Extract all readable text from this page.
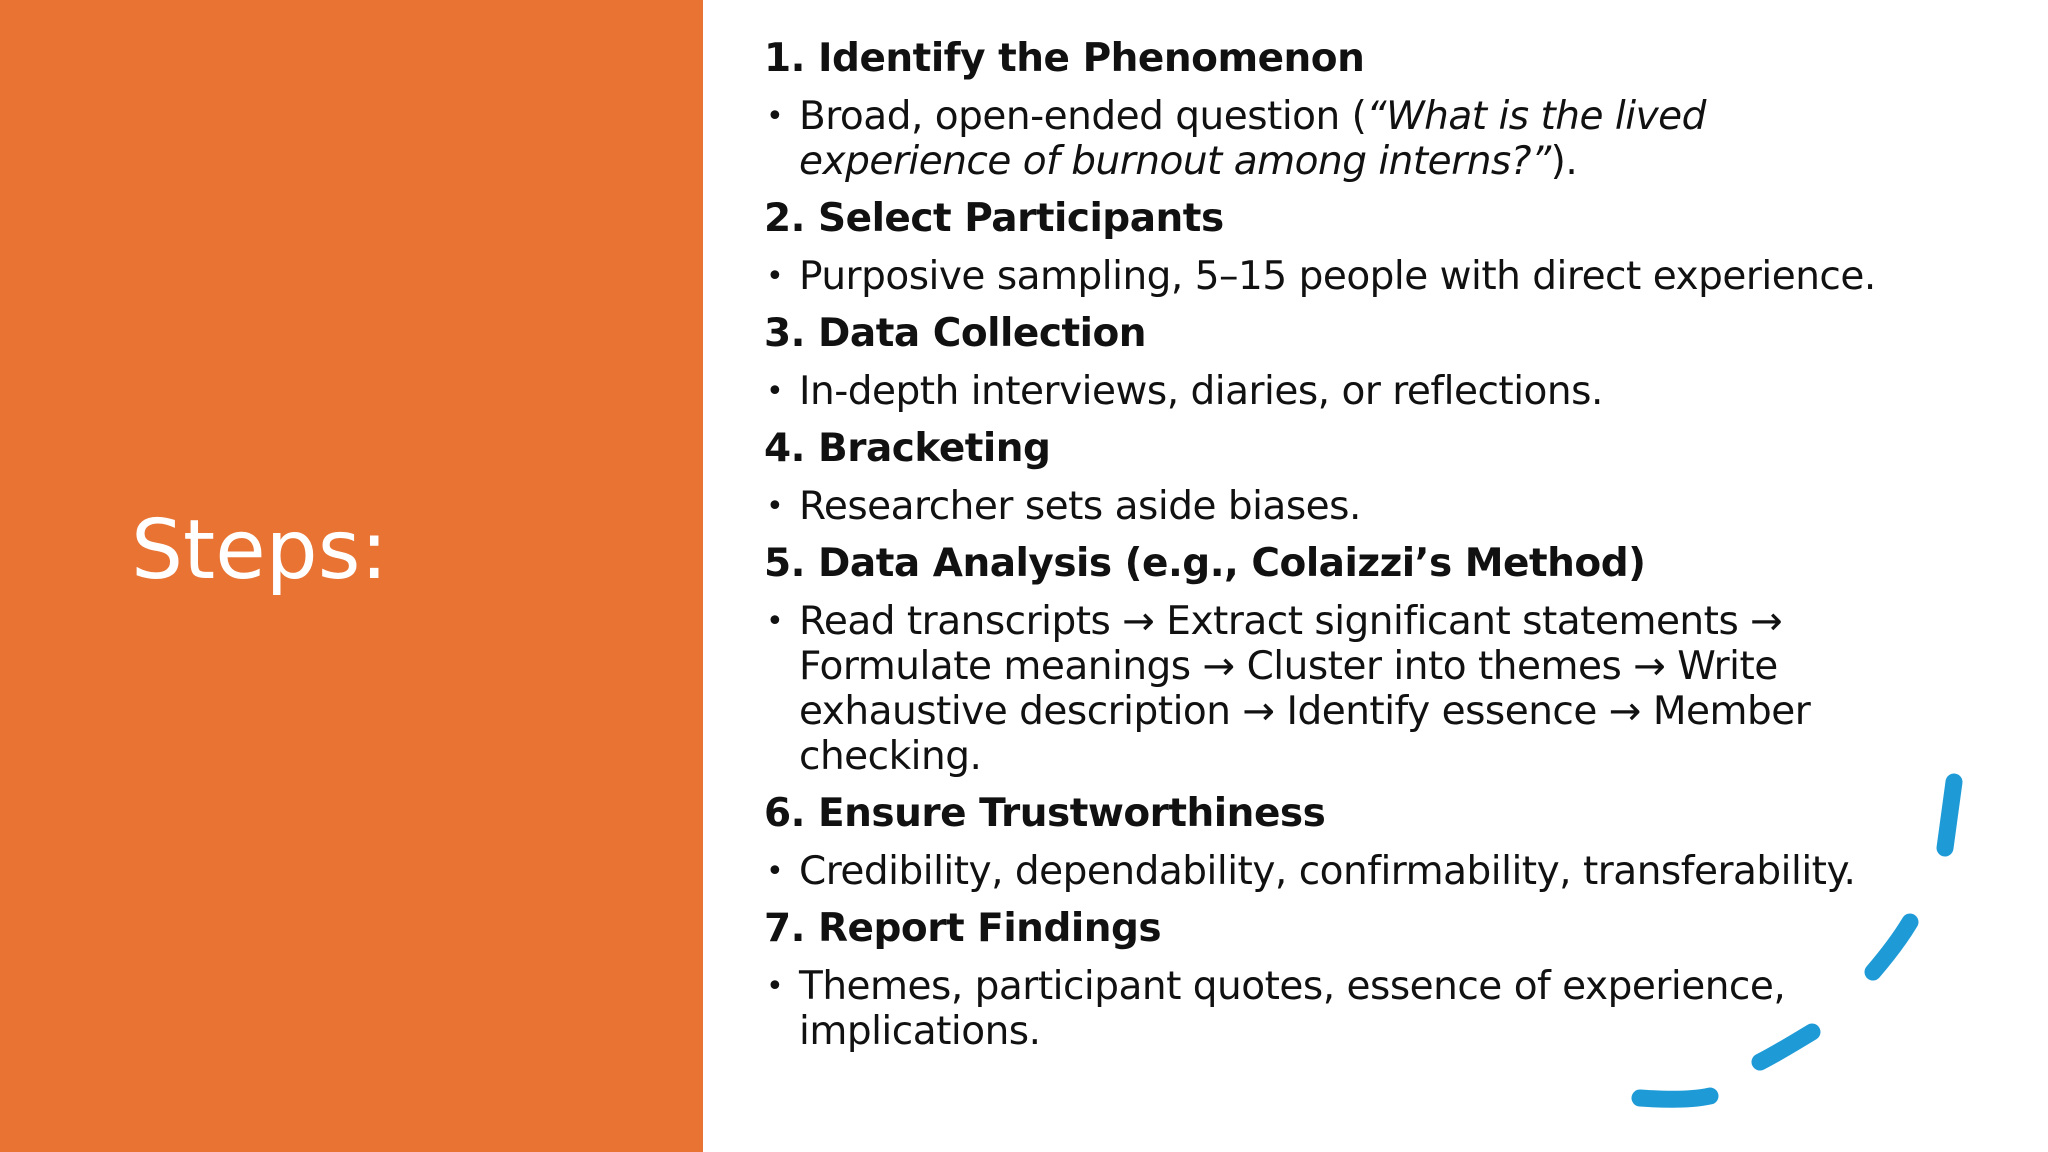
Steps:

1. Identify the Phenomenon

• Broad, open-ended question (“What is the lived experience of burnout among interns?”).

2. Select Participants

• Purposive sampling, 5–15 people with direct experience.

3. Data Collection

• In-depth interviews, diaries, or reflections.

4. Bracketing

• Researcher sets aside biases.

5. Data Analysis (e.g., Colaizzi’s Method)

• Read transcripts → Extract significant statements → Formulate meanings → Cluster into themes → Write exhaustive description → Identify essence → Member checking.

6. Ensure Trustworthiness

• Credibility, dependability, confirmability, transferability.

7. Report Findings

• Themes, participant quotes, essence of experience, implications.
